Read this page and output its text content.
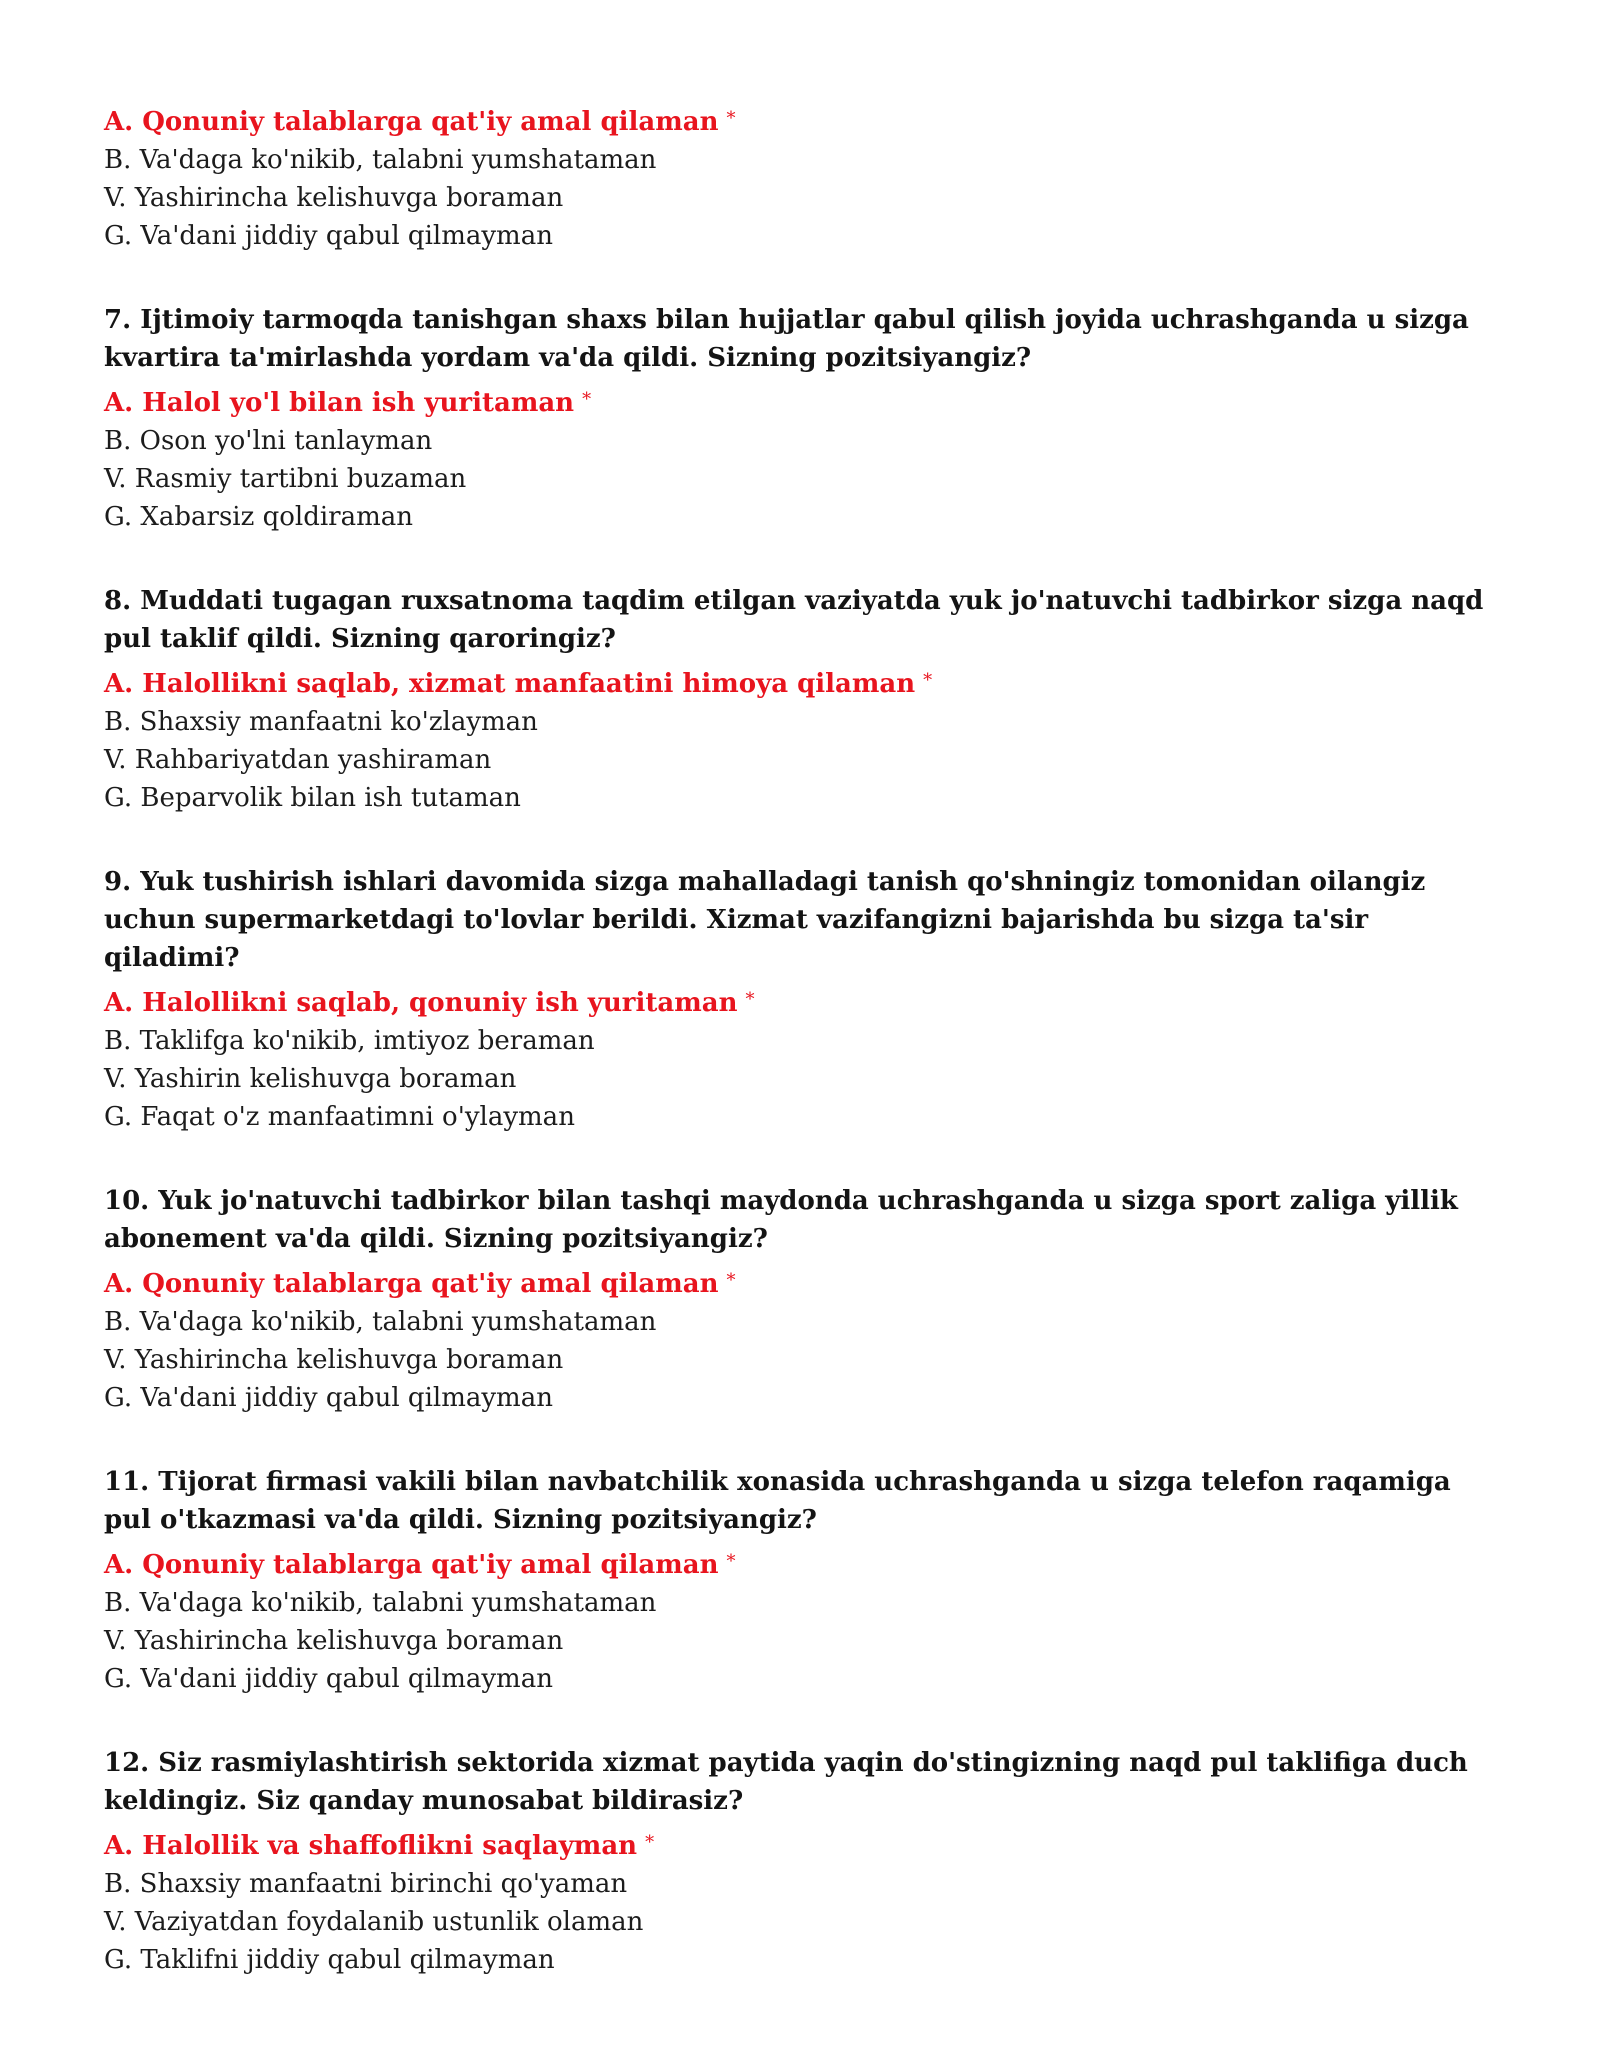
A. Qonuniy talablarga qat'iy amal qilaman *
B. Va'daga ko'nikib, talabni yumshataman
V. Yashirincha kelishuvga boraman
G. Va'dani jiddiy qabul qilmayman
7. Ijtimoiy tarmoqda tanishgan shaxs bilan hujjatlar qabul qilish joyida uchrashganda u sizga kvartira ta'mirlashda yordam va'da qildi. Sizning pozitsiyangiz?
A. Halol yo'l bilan ish yuritaman *
B. Oson yo'lni tanlayman
V. Rasmiy tartibni buzaman
G. Xabarsiz qoldiraman
8. Muddati tugagan ruxsatnoma taqdim etilgan vaziyatda yuk jo'natuvchi tadbirkor sizga naqd pul taklif qildi. Sizning qaroringiz?
A. Halollikni saqlab, xizmat manfaatini himoya qilaman *
B. Shaxsiy manfaatni ko'zlayman
V. Rahbariyatdan yashiraman
G. Beparvolik bilan ish tutaman
9. Yuk tushirish ishlari davomida sizga mahalladagi tanish qo'shningiz tomonidan oilangiz uchun supermarketdagi to'lovlar berildi. Xizmat vazifangizni bajarishda bu sizga ta'sir qiladimi?
A. Halollikni saqlab, qonuniy ish yuritaman *
B. Taklifga ko'nikib, imtiyoz beraman
V. Yashirin kelishuvga boraman
G. Faqat o'z manfaatimni o'ylayman
10. Yuk jo'natuvchi tadbirkor bilan tashqi maydonda uchrashganda u sizga sport zaliga yillik abonement va'da qildi. Sizning pozitsiyangiz?
A. Qonuniy talablarga qat'iy amal qilaman *
B. Va'daga ko'nikib, talabni yumshataman
V. Yashirincha kelishuvga boraman
G. Va'dani jiddiy qabul qilmayman
11. Tijorat firmasi vakili bilan navbatchilik xonasida uchrashganda u sizga telefon raqamiga pul o'tkazmasi va'da qildi. Sizning pozitsiyangiz?
A. Qonuniy talablarga qat'iy amal qilaman *
B. Va'daga ko'nikib, talabni yumshataman
V. Yashirincha kelishuvga boraman
G. Va'dani jiddiy qabul qilmayman
12. Siz rasmiylashtirish sektorida xizmat paytida yaqin do'stingizning naqd pul taklifiga duch keldingiz. Siz qanday munosabat bildirasiz?
A. Halollik va shaffoflikni saqlayman *
B. Shaxsiy manfaatni birinchi qo'yaman
V. Vaziyatdan foydalanib ustunlik olaman
G. Taklifni jiddiy qabul qilmayman
